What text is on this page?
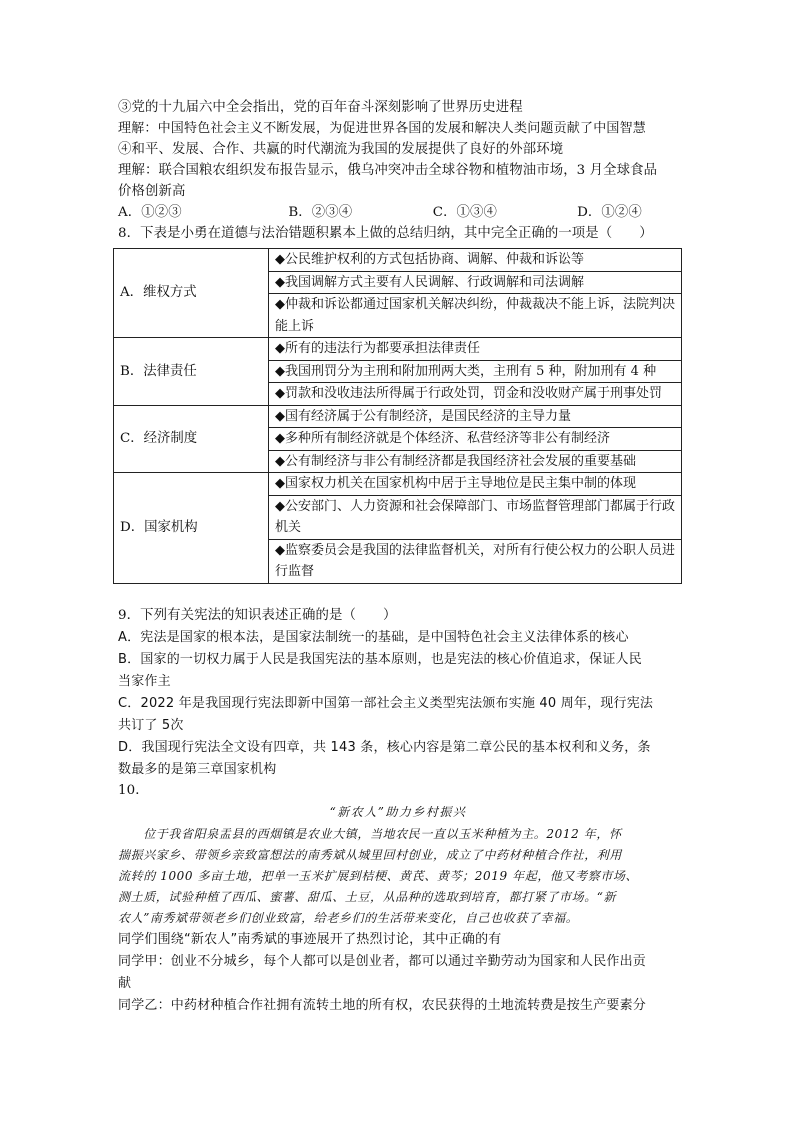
③党的十九届六中全会指出，党的百年奋斗深刻影响了世界历史进程
理解：中国特色社会主义不断发展，为促进世界各国的发展和解决人类问题贡献了中国智慧
④和平、发展、合作、共赢的时代潮流为我国的发展提供了良好的外部环境
理解：联合国粮农组织发布报告显示，俄乌冲突冲击全球谷物和植物油市场，3 月全球食品
价格创新高
A．①②③	B．②③④	C．①③④	D．①②④
8．下表是小勇在道德与法治错题积累本上做的总结归纳，其中完全正确的一项是（　　）
A．维权方式	◆公民维护权利的方式包括协商、调解、仲裁和诉讼等
	◆我国调解方式主要有人民调解、行政调解和司法调解
	◆仲裁和诉讼都通过国家机关解决纠纷，仲裁裁决不能上诉，法院判决能上诉
B．法律责任	◆所有的违法行为都要承担法律责任
	◆我国刑罚分为主刑和附加刑两大类，主刑有 5 种，附加刑有 4 种
	◆罚款和没收违法所得属于行政处罚，罚金和没收财产属于刑事处罚
C．经济制度	◆国有经济属于公有制经济，是国民经济的主导力量
	◆多种所有制经济就是个体经济、私营经济等非公有制经济
	◆公有制经济与非公有制经济都是我国经济社会发展的重要基础
D．国家机构	◆国家权力机关在国家机构中居于主导地位是民主集中制的体现
	◆公安部门、人力资源和社会保障部门、市场监督管理部门都属于行政机关
	◆监察委员会是我国的法律监督机关，对所有行使公权力的公职人员进行监督
9．下列有关宪法的知识表述正确的是（　　）
A．宪法是国家的根本法，是国家法制统一的基础，是中国特色社会主义法律体系的核心
B．国家的一切权力属于人民是我国宪法的基本原则，也是宪法的核心价值追求，保证人民
当家作主
C．2022 年是我国现行宪法即新中国第一部社会主义类型宪法颁布实施 40 周年，现行宪法
共订了 5次
D．我国现行宪法全文设有四章，共 143 条，核心内容是第二章公民的基本权利和义务，条
数最多的是第三章国家机构
10．
“新农人”助力乡村振兴
　　位于我省阳泉盂县的西烟镇是农业大镇，当地农民一直以玉米种植为主。2012 年，怀
揣振兴家乡、带领乡亲致富想法的南秀斌从城里回村创业，成立了中药材种植合作社，利用
流转的 1000 多亩土地，把单一玉米扩展到桔梗、黄芪、黄芩；2019 年起，他又考察市场、
测土质，试验种植了西瓜、蜜薯、甜瓜、土豆，从品种的选取到培育，都打紧了市场。“新
农人”南秀斌带领老乡们创业致富，给老乡们的生活带来变化，自己也收获了幸福。
同学们围绕“新农人”南秀斌的事迹展开了热烈讨论，其中正确的有
同学甲：创业不分城乡，每个人都可以是创业者，都可以通过辛勤劳动为国家和人民作出贡
献
同学乙：中药材种植合作社拥有流转土地的所有权，农民获得的土地流转费是按生产要素分
